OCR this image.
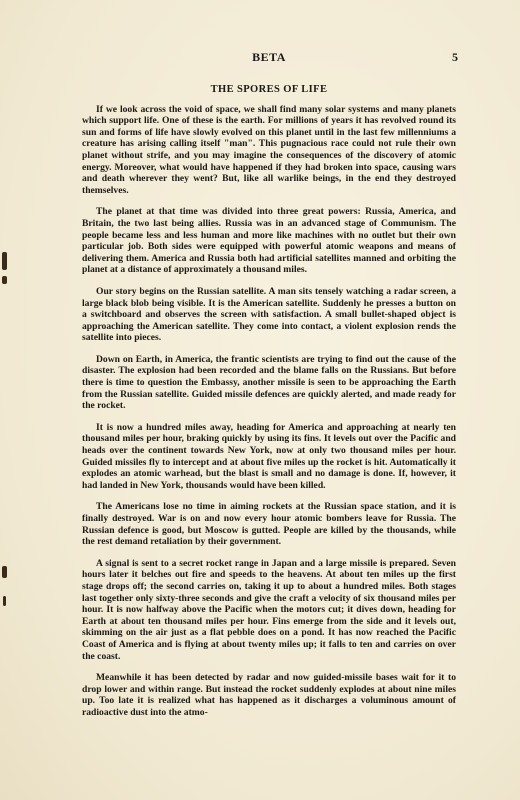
BETA	5
THE SPORES OF LIFE

If we look across the void of space, we shall find many solar systems and many planets which support life. One of these is the earth. For millions of years it has revolved round its sun and forms of life have slowly evolved on this planet until in the last few millenniums a creature has arising calling itself "man". This pugnacious race could not rule their own planet without strife, and you may imagine the consequences of the discovery of atomic energy. Moreover, what would have happened if they had broken into space, causing wars and death wherever they went? But, like all warlike beings, in the end they destroyed themselves.

The planet at that time was divided into three great powers: Russia, America, and Britain, the two last being allies. Russia was in an advanced stage of Communism. The people became less and less human and more like machines with no outlet but their own particular job. Both sides were equipped with powerful atomic weapons and means of delivering them. America and Russia both had artificial satellites manned and orbiting the planet at a distance of approximately a thousand miles.

Our story begins on the Russian satellite. A man sits tensely watching a radar screen, a large black blob being visible. It is the American satellite. Suddenly he presses a button on a switchboard and observes the screen with satisfaction. A small bullet-shaped object is approaching the American satellite. They come into contact, a violent explosion rends the satellite into pieces.

Down on Earth, in America, the frantic scientists are trying to find out the cause of the disaster. The explosion had been recorded and the blame falls on the Russians. But before there is time to question the Embassy, another missile is seen to be approaching the Earth from the Russian satellite. Guided missile defences are quickly alerted, and made ready for the rocket.

It is now a hundred miles away, heading for America and approaching at nearly ten thousand miles per hour, braking quickly by using its fins. It levels out over the Pacific and heads over the continent towards New York, now at only two thousand miles per hour. Guided missiles fly to intercept and at about five miles up the rocket is hit. Automatically it explodes an atomic warhead, but the blast is small and no damage is done. If, however, it had landed in New York, thousands would have been killed.

The Americans lose no time in aiming rockets at the Russian space station, and it is finally destroyed. War is on and now every hour atomic bombers leave for Russia. The Russian defence is good, but Moscow is gutted. People are killed by the thousands, while the rest demand retaliation by their government.

A signal is sent to a secret rocket range in Japan and a large missile is prepared. Seven hours later it belches out fire and speeds to the heavens. At about ten miles up the first stage drops off; the second carries on, taking it up to about a hundred miles. Both stages last together only sixty-three seconds and give the craft a velocity of six thousand miles per hour. It is now halfway above the Pacific when the motors cut; it dives down, heading for Earth at about ten thousand miles per hour. Fins emerge from the side and it levels out, skimming on the air just as a flat pebble does on a pond. It has now reached the Pacific Coast of America and is flying at about twenty miles up; it falls to ten and carries on over the coast.

Meanwhile it has been detected by radar and now guided-missile bases wait for it to drop lower and within range. But instead the rocket suddenly explodes at about nine miles up. Too late it is realized what has happened as it discharges a voluminous amount of radioactive dust into the atmo-
